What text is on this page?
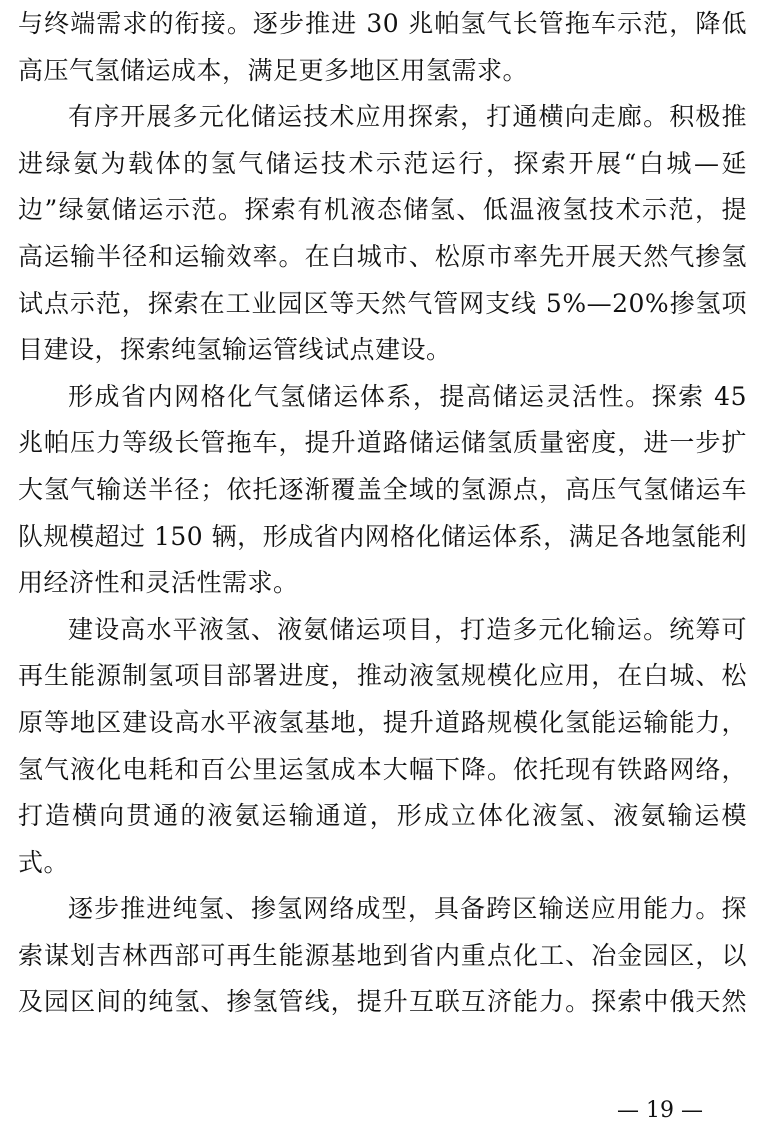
与终端需求的衔接。逐步推进 30 兆帕氢气长管拖车示范，降低
高压气氢储运成本，满足更多地区用氢需求。
有序开展多元化储运技术应用探索，打通横向走廊。积极推
进绿氨为载体的氢气储运技术示范运行，探索开展“白城—延
边”绿氨储运示范。探索有机液态储氢、低温液氢技术示范，提
高运输半径和运输效率。在白城市、松原市率先开展天然气掺氢
试点示范，探索在工业园区等天然气管网支线 5%—20%掺氢项
目建设，探索纯氢输运管线试点建设。
形成省内网格化气氢储运体系，提高储运灵活性。探索 45
兆帕压力等级长管拖车，提升道路储运储氢质量密度，进一步扩
大氢气输送半径；依托逐渐覆盖全域的氢源点，高压气氢储运车
队规模超过 150 辆，形成省内网格化储运体系，满足各地氢能利
用经济性和灵活性需求。
建设高水平液氢、液氨储运项目，打造多元化输运。统筹可
再生能源制氢项目部署进度，推动液氢规模化应用，在白城、松
原等地区建设高水平液氢基地，提升道路规模化氢能运输能力，
氢气液化电耗和百公里运氢成本大幅下降。依托现有铁路网络，
打造横向贯通的液氨运输通道，形成立体化液氢、液氨输运模
式。
逐步推进纯氢、掺氢网络成型，具备跨区输送应用能力。探
索谋划吉林西部可再生能源基地到省内重点化工、冶金园区，以
及园区间的纯氢、掺氢管线，提升互联互济能力。探索中俄天然
— 19 —
